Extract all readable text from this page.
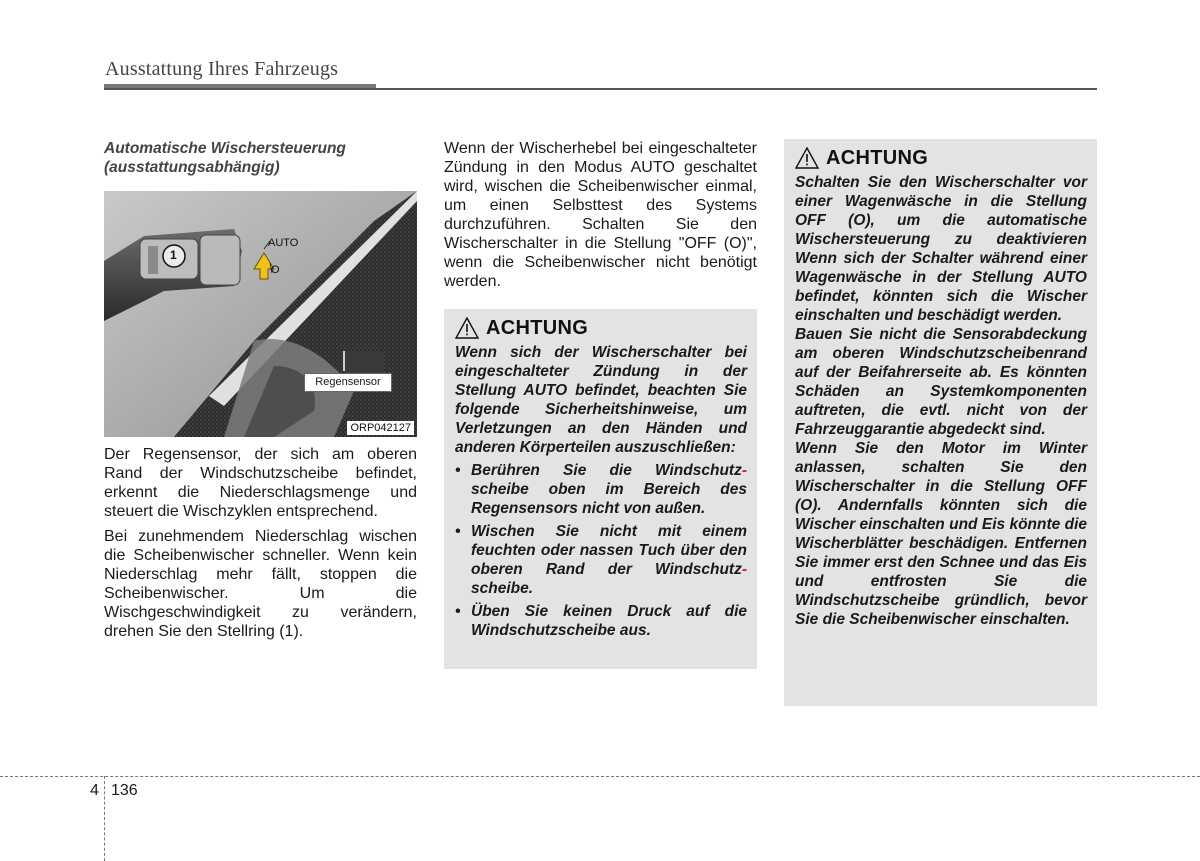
Ausstattung Ihres Fahrzeugs
Automatische Wischersteuerung
(ausstattungsabhängig)
1
AUTO
O
Regensensor
ORP042127

Der Regensensor, der sich am oberen Rand der Windschutzscheibe befindet, erkennt die Niederschlagsmenge und steuert die Wischzyklen entsprechend.

Bei zunehmendem Niederschlag wischen die Scheibenwischer schneller. Wenn kein Niederschlag mehr fällt, stoppen die Scheibenwischer. Um die Wischgeschwindigkeit zu verändern, drehen Sie den Stellring (1).

Wenn der Wischerhebel bei eingeschalteter Zündung in den Modus AUTO geschaltet wird, wischen die Scheibenwischer einmal, um einen Selbsttest des Systems durchzuführen. Schalten Sie den Wischerschalter in die Stellung "OFF (O)", wenn die Scheibenwischer nicht benötigt werden.

ACHTUNG

Wenn sich der Wischerschalter bei eingeschalteter Zündung in der Stellung AUTO befindet, beachten Sie folgende Sicherheitshinweise, um Verletzungen an den Händen und anderen Körperteilen auszuschließen:

• Berühren Sie die Windschutz- scheibe oben im Bereich des Regensensors nicht von außen.
• Wischen Sie nicht mit einem feuchten oder nassen Tuch über den oberen Rand der Windschutz- scheibe.
• Üben Sie keinen Druck auf die Windschutzscheibe aus.
ACHTUNG

Schalten Sie den Wischerschalter vor einer Wagenwäsche in die Stellung OFF (O), um die automatische Wischersteuerung zu deaktivieren Wenn sich der Schalter während einer Wagenwäsche in der Stellung AUTO befindet, könnten sich die Wischer einschalten und beschädigt werden.

Bauen Sie nicht die Sensorabdeckung am oberen Windschutzscheibenrand auf der Beifahrerseite ab. Es könnten Schäden an Systemkomponenten auftreten, die evtl. nicht von der Fahrzeuggarantie abgedeckt sind.

Wenn Sie den Motor im Winter anlassen, schalten Sie den Wischerschalter in die Stellung OFF (O). Andernfalls könnten sich die Wischer einschalten und Eis könnte die Wischerblätter beschädigen. Entfernen Sie immer erst den Schnee und das Eis und entfrosten Sie die Windschutzscheibe gründlich, bevor Sie die Scheibenwischer einschalten.

4 136
